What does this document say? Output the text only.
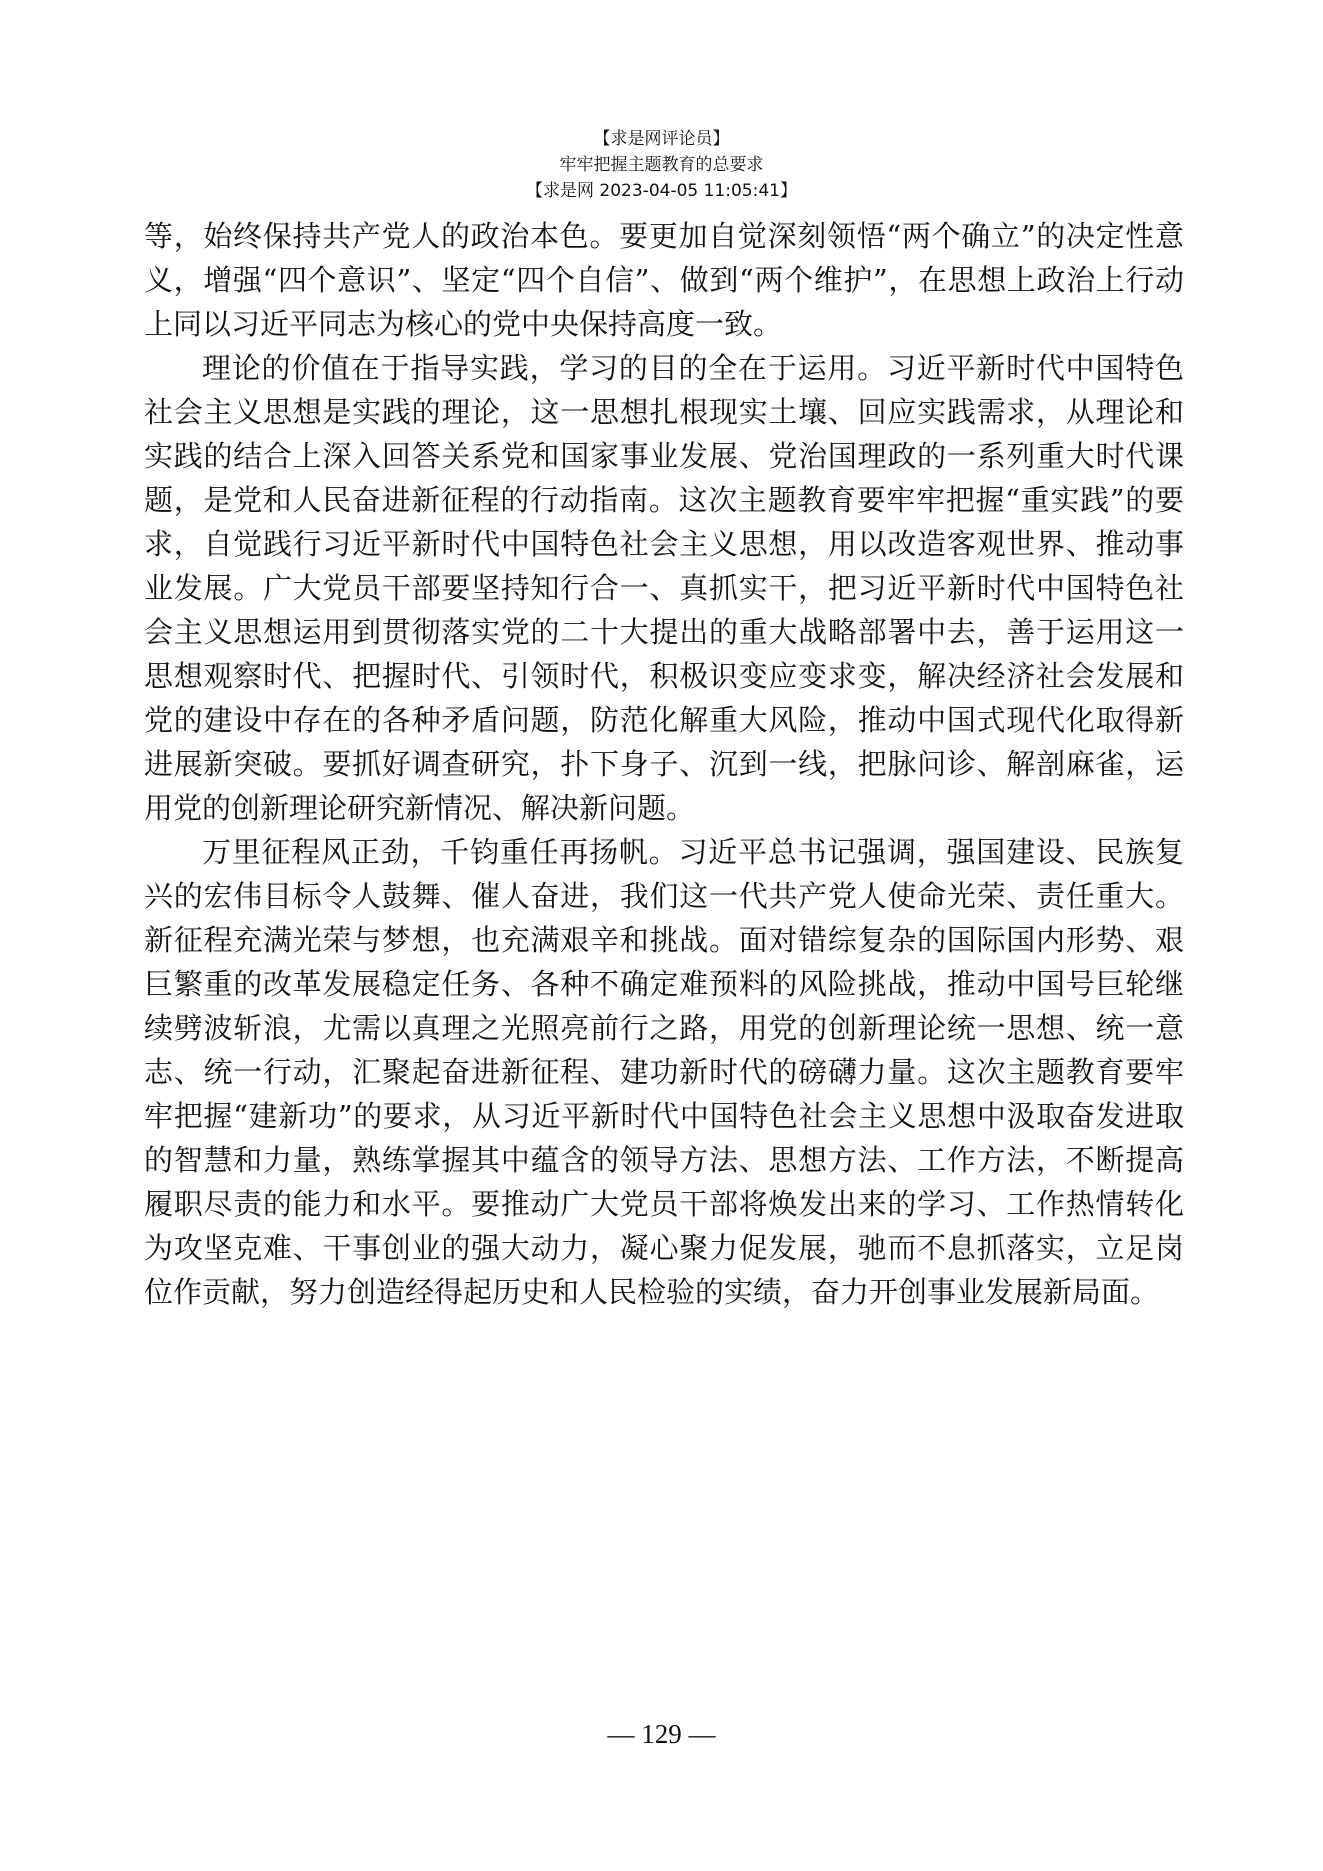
【求是网评论员】
牢牢把握主题教育的总要求
【求是网 2023-04-05 11:05:41】

等，始终保持共产党人的政治本色。要更加自觉深刻领悟“两个确立”的决定性意义，增强“四个意识”、坚定“四个自信”、做到“两个维护”，在思想上政治上行动上同以习近平同志为核心的党中央保持高度一致。

理论的价值在于指导实践，学习的目的全在于运用。习近平新时代中国特色社会主义思想是实践的理论，这一思想扎根现实土壤、回应实践需求，从理论和实践的结合上深入回答关系党和国家事业发展、党治国理政的一系列重大时代课题，是党和人民奋进新征程的行动指南。这次主题教育要牢牢把握“重实践”的要求，自觉践行习近平新时代中国特色社会主义思想，用以改造客观世界、推动事业发展。广大党员干部要坚持知行合一、真抓实干，把习近平新时代中国特色社会主义思想运用到贯彻落实党的二十大提出的重大战略部署中去，善于运用这一思想观察时代、把握时代、引领时代，积极识变应变求变，解决经济社会发展和党的建设中存在的各种矛盾问题，防范化解重大风险，推动中国式现代化取得新进展新突破。要抓好调查研究，扑下身子、沉到一线，把脉问诊、解剖麻雀，运用党的创新理论研究新情况、解决新问题。

万里征程风正劲，千钧重任再扬帆。习近平总书记强调，强国建设、民族复兴的宏伟目标令人鼓舞、催人奋进，我们这一代共产党人使命光荣、责任重大。新征程充满光荣与梦想，也充满艰辛和挑战。面对错综复杂的国际国内形势、艰巨繁重的改革发展稳定任务、各种不确定难预料的风险挑战，推动中国号巨轮继续劈波斩浪，尤需以真理之光照亮前行之路，用党的创新理论统一思想、统一意志、统一行动，汇聚起奋进新征程、建功新时代的磅礴力量。这次主题教育要牢牢把握“建新功”的要求，从习近平新时代中国特色社会主义思想中汲取奋发进取的智慧和力量，熟练掌握其中蕴含的领导方法、思想方法、工作方法，不断提高履职尽责的能力和水平。要推动广大党员干部将焕发出来的学习、工作热情转化为攻坚克难、干事创业的强大动力，凝心聚力促发展，驰而不息抓落实，立足岗位作贡献，努力创造经得起历史和人民检验的实绩，奋力开创事业发展新局面。

— 129 —
